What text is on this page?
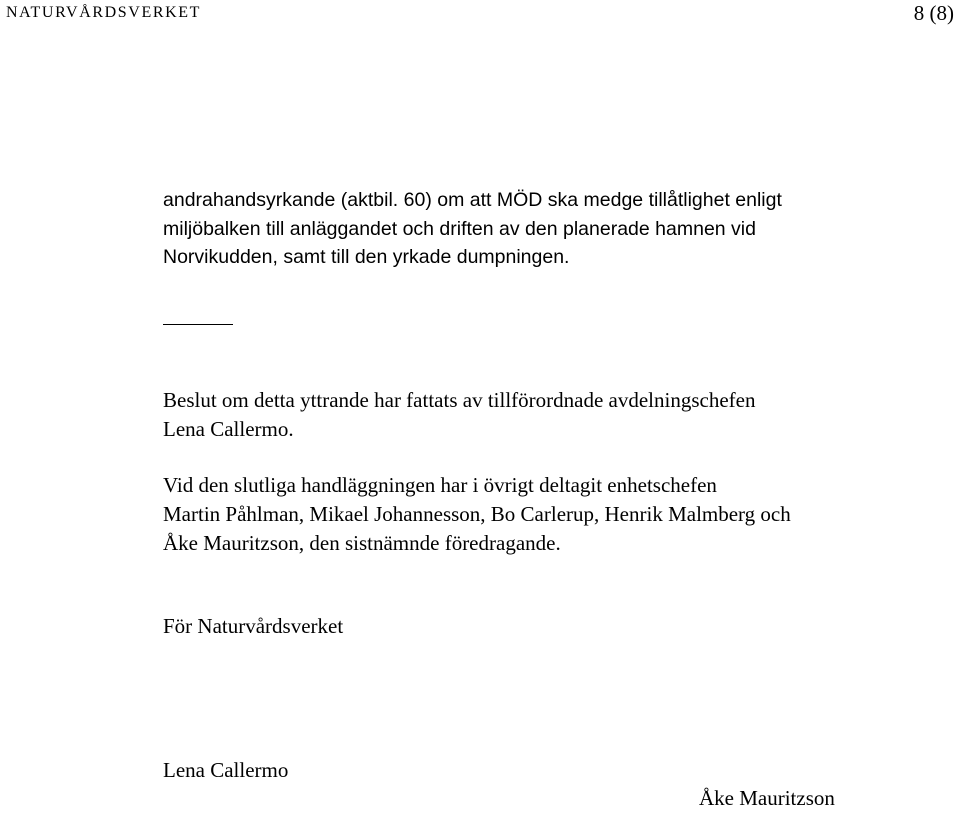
NATURVÅRDSVERKET	8 (8)
andrahandsyrkande (aktbil. 60) om att MÖD ska medge tillåtlighet enligt
miljöbalken till anläggandet och driften av den planerade hamnen vid
Norvikudden, samt till den yrkade dumpningen.
Beslut om detta yttrande har fattats av tillförordnade avdelningschefen
Lena Callermo.
Vid den slutliga handläggningen har i övrigt deltagit enhetschefen
Martin Påhlman, Mikael Johannesson, Bo Carlerup, Henrik Malmberg och
Åke Mauritzson, den sistnämnde föredragande.
För Naturvårdsverket
Lena Callermo
Åke Mauritzson
